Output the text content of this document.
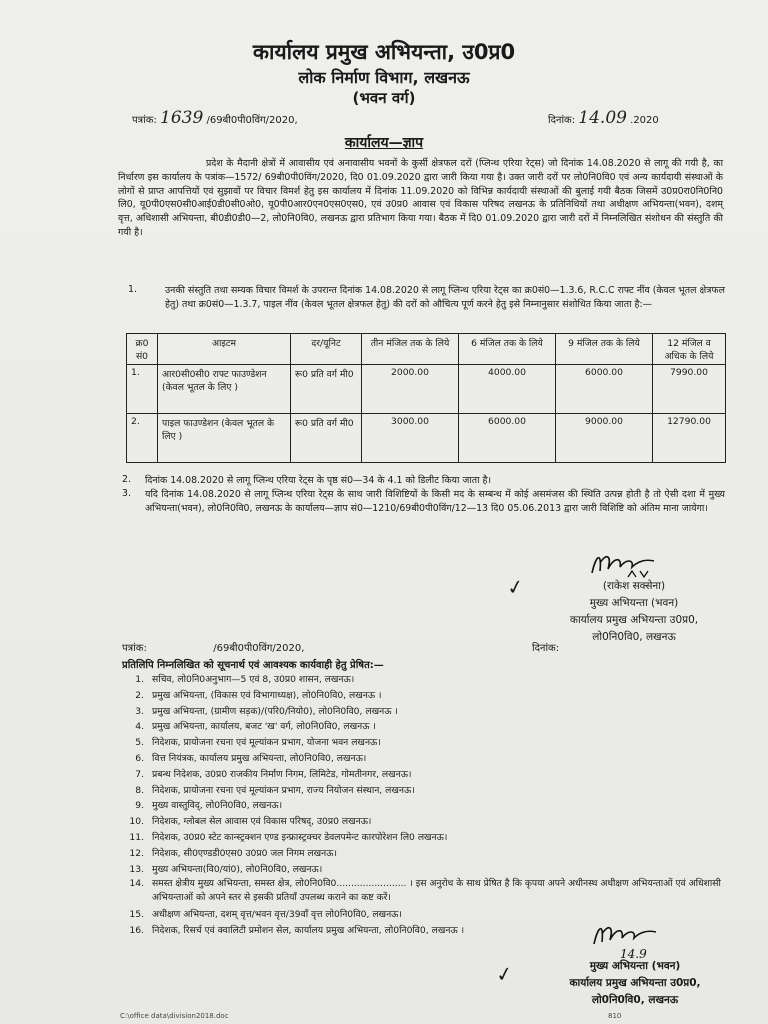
कार्यालय प्रमुख अभियन्ता, उ0प्र0
लोक निर्माण विभाग, लखनऊ
(भवन वर्ग)
पत्रांक: 1639 /69बी0पी0विंग/2020,	दिनांक: 14.09 .2020
कार्यालय—ज्ञाप
प्रदेश के मैदानी क्षेत्रों में आवासीय एवं अनावासीय भवनों के कुर्सी क्षेत्रफल दरों (प्लिन्थ एरिया रेट्स) जो दिनांक 14.08.2020 से लागू की गयी है, का निर्धारण इस कार्यालय के पत्रांक—1572/ 69बी0पी0विंग/2020, दि0 01.09.2020 द्वारा जारी किया गया है। उक्त जारी दरों पर लो0नि0वि0 एवं अन्य कार्यदायी संस्थाओं के लोगों से प्राप्त आपत्तियों एवं सुझावों पर विचार विमर्श हेतु इस कार्यालय में दिनांक 11.09.2020 को विभिन्न कार्यदायी संस्थाओं की बुलाई गयी बैठक जिसमें उ0प्र0रा0नि0नि0 लि0, यू0पी0एस0सी0आई0डी0सी0ओ0, यू0पी0आर0एन0एस0एस0, एवं उ0प्र0 आवास एवं विकास परिषद लखनऊ के प्रतिनिधियों तथा अधीक्षण अभियन्ता(भवन), दशम् वृत्त, अधिशासी अभियन्ता, बी0डी0डी0—2, लो0नि0वि0, लखनऊ द्वारा प्रतिभाग किया गया। बैठक में दि0 01.09.2020 द्वारा जारी दरों में निम्नलिखित संशोधन की संस्तुति की गयी है।
1.	उनकी संस्तुति तथा सम्यक विचार विमर्श के उपरान्त दिनांक 14.08.2020 से लागू प्लिन्थ एरिया रेट्स का क्र0सं0—1.3.6, R.C.C राफ्ट नींव (केवल भूतल क्षेत्रफल हेतु) तथा क्र0सं0—1.3.7, पाइल नींव (केवल भूतल क्षेत्रफल हेतु) की दरों को औचित्य पूर्ण करने हेतु इसे निम्नानुसार संशोधित किया जाता है:—
क्र0 सं0	आइटम	दर/यूनिट	तीन मंजिल तक के लिये	6 मंजिल तक के लिये	9 मंजिल तक के लिये	12 मंजिल व अधिक के लिये
1.	आर0सी0सी0 राफ्ट फाउण्डेशन (केवल भूतल के लिए )	रू0 प्रति वर्ग मी0	2000.00	4000.00	6000.00	7990.00
2.	पाइल फाउण्डेशन (केवल भूतल के लिए )	रू0 प्रति वर्ग मी0	3000.00	6000.00	9000.00	12790.00
2. दिनांक 14.08.2020 से लागू प्लिन्थ एरिया रेट्स के पृष्ठ सं0—34 के 4.1 को डिलीट किया जाता है।
3. यदि दिनांक 14.08.2020 से लागू प्लिन्थ एरिया रेट्स के साथ जारी विशिष्टियों के किसी मद के सम्बन्ध में कोई असमंजस की स्थिति उत्पन्न होती है तो ऐसी दशा में मुख्य अभियन्ता(भवन), लो0नि0वि0, लखनऊ के कार्यालय—ज्ञाप सं0—1210/69बी0पी0विंग/12—13 दि0 05.06.2013 द्वारा जारी विशिष्टि को अंतिम माना जायेगा।
✓	(राकेश सक्सेना)
मुख्य अभियन्ता (भवन)
कार्यालय प्रमुख अभियन्ता उ0प्र0,
लो0नि0वि0, लखनऊ
पत्रांक:	/69बी0पी0विंग/2020,	दिनांक:
प्रतिलिपि निम्नलिखित को सूचनार्थ एवं आवश्यक कार्यवाही हेतु प्रेषित:—
1. सचिव, लो0नि0अनुभाग—5 एवं 8, उ0प्र0 शासन, लखनऊ।
2. प्रमुख अभियन्ता, (विकास एवं विभागाध्यक्ष), लो0नि0वि0, लखनऊ ।
3. प्रमुख अभियन्ता, (ग्रामीण सड़क)/(परि0/नियो0), लो0नि0वि0, लखनऊ ।
4. प्रमुख अभियन्ता, कार्यालय, बजट 'ख' वर्ग, लो0नि0वि0, लखनऊ ।
5. निदेशक, प्रायोजना रचना एवं मूल्यांकन प्रभाग, योजना भवन लखनऊ।
6. वित्त नियंत्रक, कार्यालय प्रमुख अभियन्ता, लो0नि0वि0, लखनऊ।
7. प्रबन्ध निदेशक, उ0प्र0 राजकीय निर्माण निगम, लिमिटेड, गोमतीनगर, लखनऊ।
8. निदेशक, प्रायोजना रचना एवं मूल्यांकन प्रभाग, राज्य नियोजन संस्थान, लखनऊ।
9. मुख्य वास्तुविद्, लो0नि0वि0, लखनऊ।
10. निदेशक, ग्लोबल सेल आवास एवं विकास परिषद्, उ0प्र0 लखनऊ।
11. निदेशक, उ0प्र0 स्टेट कान्स्ट्रक्शन एण्ड इन्फ्रास्ट्रक्चर डेवलपमेन्ट कारपोरेशन लि0 लखनऊ।
12. निदेशक, सी0एण्डडी0एस0 उ0प्र0 जल निगम लखनऊ।
13. मुख्य अभियन्ता(वि0/यां0), लो0नि0वि0, लखनऊ।
14. समस्त क्षेत्रीय मुख्य अभियन्ता, समस्त क्षेत्र, लो0नि0वि0........................ । इस अनुरोध के साथ प्रेषित है कि कृपया अपने अधीनस्थ अधीक्षण अभियन्ताओं एवं अधिशासी अभियन्ताओं को अपने स्तर से इसकी प्रतियाँ उपलब्ध कराने का कष्ट करें।
15. अधीक्षण अभियन्ता, दशम् वृत्त/भवन वृत्त/39वाँ वृत्त लो0नि0वि0, लखनऊ।
16. निदेशक, रिसर्च एवं क्वालिटी प्रमोशन सेल, कार्यालय प्रमुख अभियन्ता, लो0नि0वि0, लखनऊ ।
14.9
✓	मुख्य अभियन्ता (भवन)
कार्यालय प्रमुख अभियन्ता उ0प्र0,
लो0नि0वि0, लखनऊ
C:\office data\division2018.doc	810
